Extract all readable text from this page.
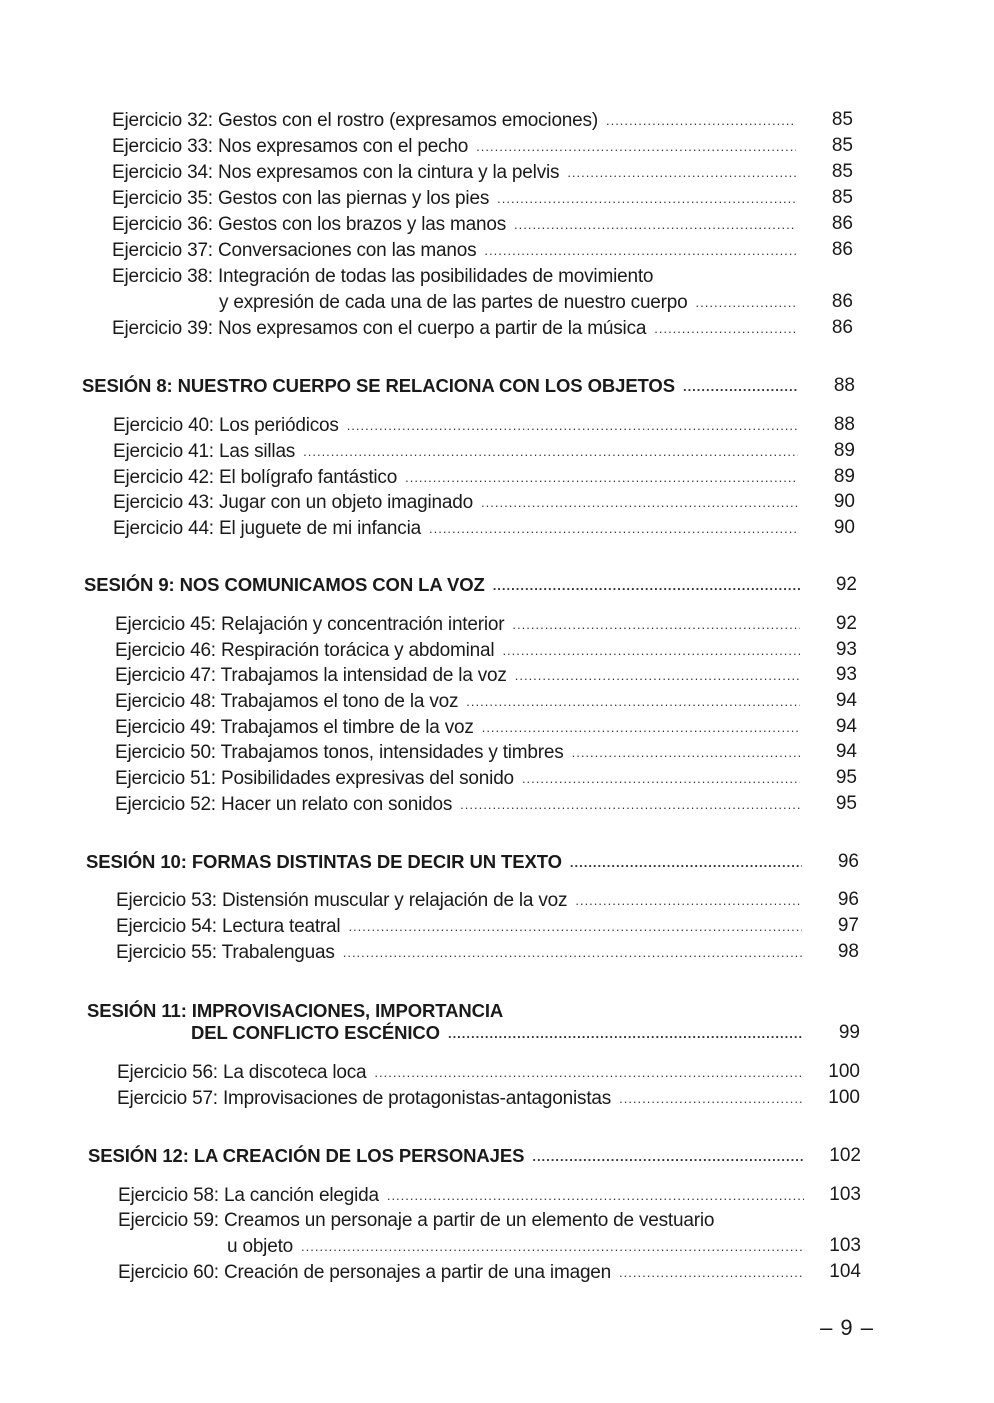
85
Ejercicio 32: Gestos con el rostro (expresamos emociones)
.....
85
Ejercicio 33: Nos expresamos con el pecho
.....
85
Ejercicio 34: Nos expresamos con la cintura y la pelvis
.....
85
Ejercicio 35: Gestos con las piernas y los pies
.....
86
Ejercicio 36: Gestos con los brazos y las manos
.....
86
Ejercicio 37: Conversaciones con las manos
.....
Ejercicio 38: Integración de todas las posibilidades de movimiento
86
y expresión de cada una de las partes de nuestro cuerpo
.....
86
Ejercicio 39: Nos expresamos con el cuerpo a partir de la música
.....
88
SESIÓN 8: NUESTRO CUERPO SE RELACIONA CON LOS OBJETOS
.....
88
Ejercicio 40: Los periódicos
.....
89
Ejercicio 41: Las sillas
.....
89
Ejercicio 42: El bolígrafo fantástico
.....
90
Ejercicio 43: Jugar con un objeto imaginado
.....
90
Ejercicio 44: El juguete de mi infancia
.....
92
SESIÓN 9: NOS COMUNICAMOS CON LA VOZ
.....
92
Ejercicio 45: Relajación y concentración interior
.....
93
Ejercicio 46: Respiración torácica y abdominal
.....
93
Ejercicio 47: Trabajamos la intensidad de la voz
.....
94
Ejercicio 48: Trabajamos el tono de la voz
.....
94
Ejercicio 49: Trabajamos el timbre de la voz
.....
94
Ejercicio 50: Trabajamos tonos, intensidades y timbres
.....
95
Ejercicio 51: Posibilidades expresivas del sonido
.....
95
Ejercicio 52: Hacer un relato con sonidos
.....
96
SESIÓN 10: FORMAS DISTINTAS DE DECIR UN TEXTO
.....
96
Ejercicio 53: Distensión muscular y relajación de la voz
.....
97
Ejercicio 54: Lectura teatral
.....
98
Ejercicio 55: Trabalenguas
.....
SESIÓN 11: IMPROVISACIONES, IMPORTANCIA
99
DEL CONFLICTO ESCÉNICO
.....
100
Ejercicio 56: La discoteca loca
.....
100
Ejercicio 57: Improvisaciones de protagonistas-antagonistas
.....
102
SESIÓN 12: LA CREACIÓN DE LOS PERSONAJES
.....
103
Ejercicio 58: La canción elegida
.....
Ejercicio 59: Creamos un personaje a partir de un elemento de vestuario
103
u objeto
.....
104
Ejercicio 60: Creación de personajes a partir de una imagen
.....
– 9 –
